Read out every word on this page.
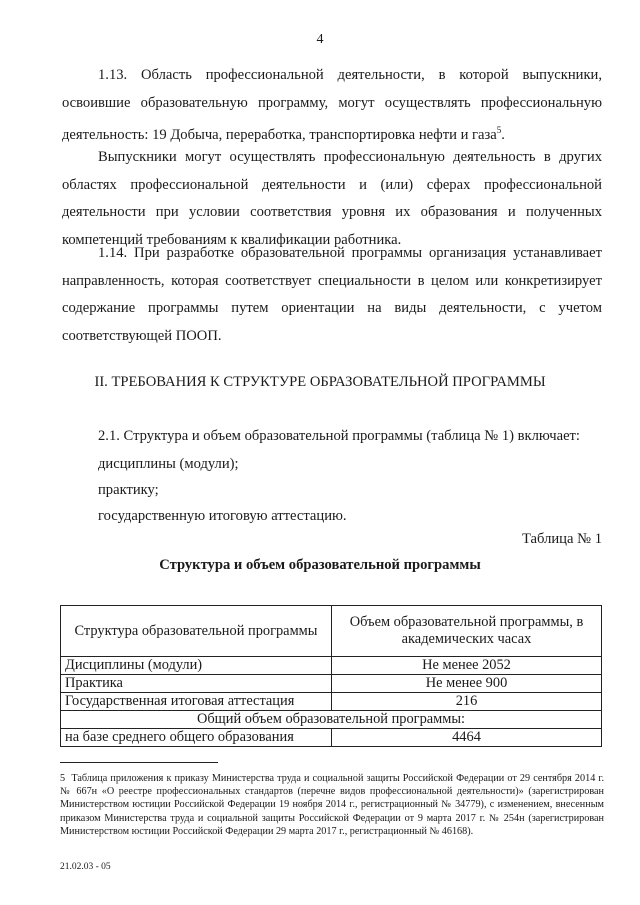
4
1.13. Область профессиональной деятельности, в которой выпускники, освоившие образовательную программу, могут осуществлять профессиональную деятельность: 19 Добыча, переработка, транспортировка нефти и газа$^5$.
Выпускники могут осуществлять профессиональную деятельность в других областях профессиональной деятельности и (или) сферах профессиональной деятельности при условии соответствия уровня их образования и полученных компетенций требованиям к квалификации работника.
1.14. При разработке образовательной программы организация устанавливает направленность, которая соответствует специальности в целом или конкретизирует содержание программы путем ориентации на виды деятельности, с учетом соответствующей ПООП.
II. ТРЕБОВАНИЯ К СТРУКТУРЕ ОБРАЗОВАТЕЛЬНОЙ ПРОГРАММЫ
2.1. Структура и объем образовательной программы (таблица № 1) включает:
дисциплины (модули);
практику;
государственную итоговую аттестацию.
Таблица № 1
Структура и объем образовательной программы
Структура образовательной программы	Объем образовательной программы, в академических часах
Дисциплины (модули)	Не менее 2052
Практика	Не менее 900
Государственная итоговая аттестация	216
Общий объем образовательной программы:	
на базе среднего общего образования	4464
5 Таблица приложения к приказу Министерства труда и социальной защиты Российской Федерации от 29 сентября 2014 г. № 667н «О реестре профессиональных стандартов (перечне видов профессиональной деятельности)» (зарегистрирован Министерством юстиции Российской Федерации 19 ноября 2014 г., регистрационный № 34779), с изменением, внесенным приказом Министерства труда и социальной защиты Российской Федерации от 9 марта 2017 г. № 254н (зарегистрирован Министерством юстиции Российской Федерации 29 марта 2017 г., регистрационный № 46168).
21.02.03 - 05
